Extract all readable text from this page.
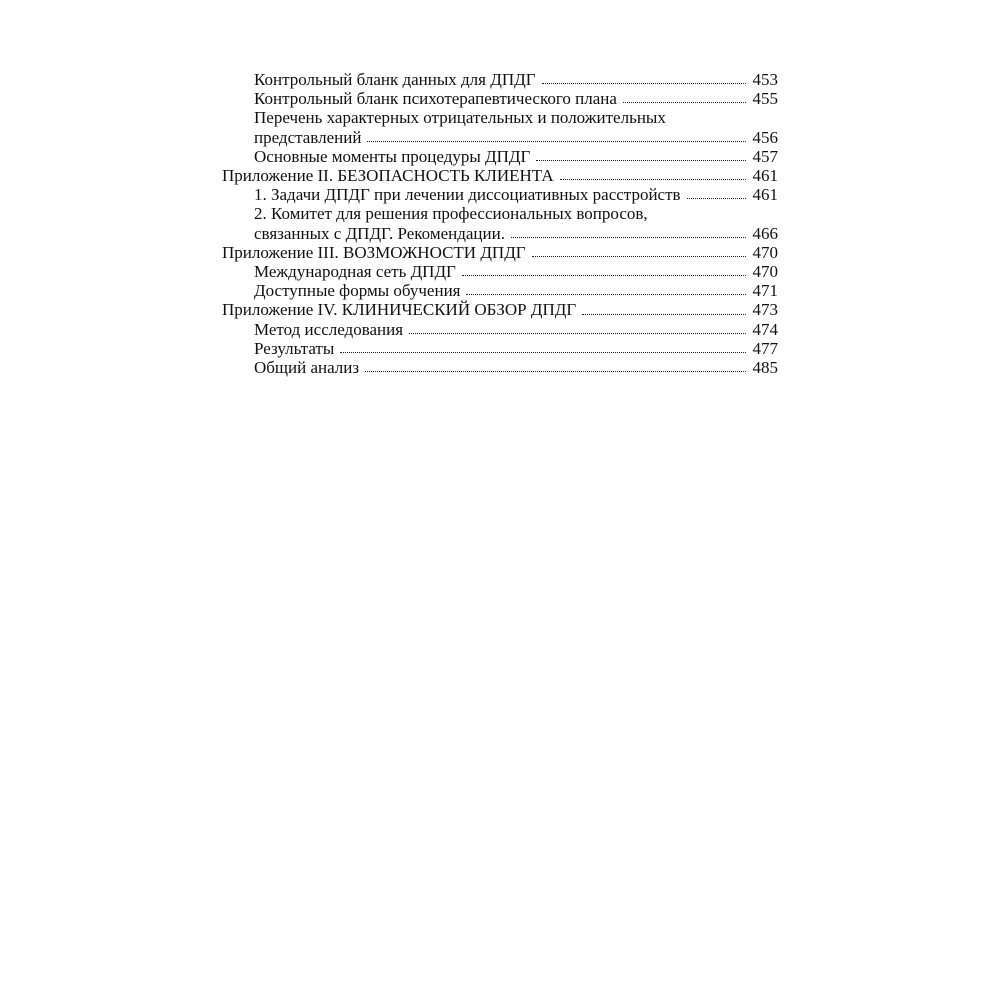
Контрольный бланк данных для ДПДГ	453
Контрольный бланк психотерапевтического плана	455
Перечень характерных отрицательных и положительных
представлений	456
Основные моменты процедуры ДПДГ	457
Приложение II. БЕЗОПАСНОСТЬ КЛИЕНТА	461
1. Задачи ДПДГ при лечении диссоциативных расстройств	461
2. Комитет для решения профессиональных вопросов,
связанных с ДПДГ. Рекомендации.	466
Приложение III. ВОЗМОЖНОСТИ ДПДГ	470
Международная сеть ДПДГ	470
Доступные формы обучения	471
Приложение IV. КЛИНИЧЕСКИЙ ОБЗОР ДПДГ	473
Метод исследования	474
Результаты	477
Общий анализ	485
